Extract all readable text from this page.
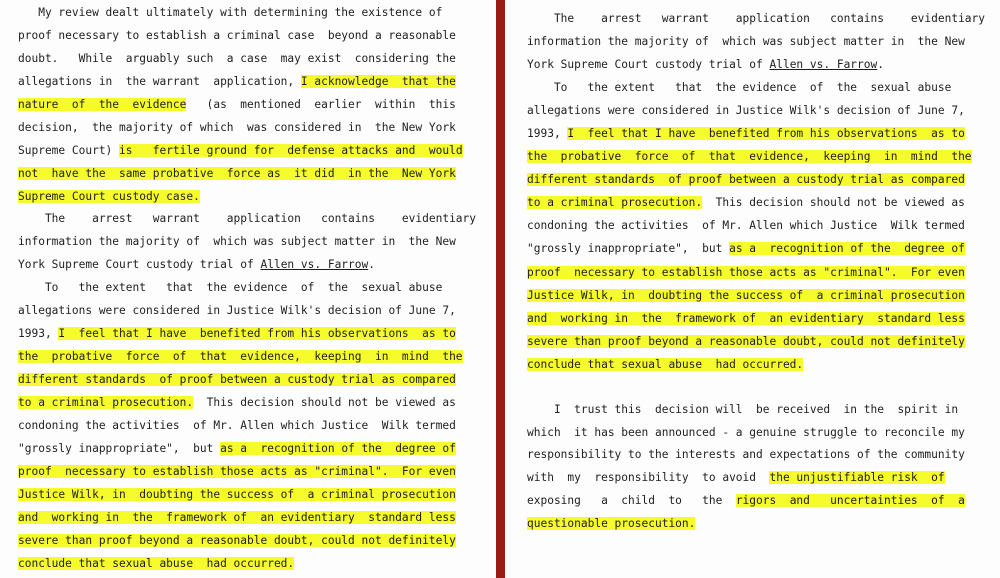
My review dealt ultimately with determining the existence of
proof necessary to establish a criminal case  beyond a reasonable
doubt.   While  arguably such  a case  may exist  considering the
allegations in  the warrant  application, I acknowledge  that the
nature  of  the  evidence   (as  mentioned  earlier  within  this
decision,  the majority of which  was considered in  the New York
Supreme Court) is   fertile ground for  defense attacks and  would
not  have the  same probative  force as  it did  in the  New York
Supreme Court custody case.
The    arrest   warrant    application   contains    evidentiary
information the majority of  which was subject matter in  the New
York Supreme Court custody trial of Allen vs. Farrow.
To   the extent   that  the evidence  of  the  sexual abuse
allegations were considered in Justice Wilk's decision of June 7,
1993, I  feel that I have  benefited from his observations  as to
the  probative  force  of  that  evidence,  keeping  in  mind  the
different standards  of proof between a custody trial as compared
to a criminal prosecution.  This decision should not be viewed as
condoning the activities  of Mr. Allen which Justice  Wilk termed
"grossly inappropriate",  but as a  recognition of the  degree of
proof  necessary to establish those acts as "criminal".  For even
Justice Wilk, in  doubting the success of  a criminal prosecution
and  working in  the  framework of  an evidentiary  standard less
severe than proof beyond a reasonable doubt, could not definitely
conclude that sexual abuse  had occurred.
The    arrest   warrant    application   contains    evidentiary
information the majority of  which was subject matter in  the New
York Supreme Court custody trial of Allen vs. Farrow.
To   the extent   that  the evidence  of  the  sexual abuse
allegations were considered in Justice Wilk's decision of June 7,
1993, I  feel that I have  benefited from his observations  as to
the  probative  force  of  that  evidence,  keeping  in  mind  the
different standards  of proof between a custody trial as compared
to a criminal prosecution.  This decision should not be viewed as
condoning the activities  of Mr. Allen which Justice  Wilk termed
"grossly inappropriate",  but as a  recognition of the  degree of
proof  necessary to establish those acts as "criminal".  For even
Justice Wilk, in  doubting the success of  a criminal prosecution
and  working in  the  framework of  an evidentiary  standard less
severe than proof beyond a reasonable doubt, could not definitely
conclude that sexual abuse  had occurred.
I  trust this  decision will  be received  in the  spirit in
which  it has been announced - a genuine struggle to reconcile my
responsibility to the interests and expectations of the community
with  my  responsibility  to avoid  the unjustifiable risk  of
exposing   a  child  to   the  rigors  and   uncertainties  of  a
questionable prosecution.
